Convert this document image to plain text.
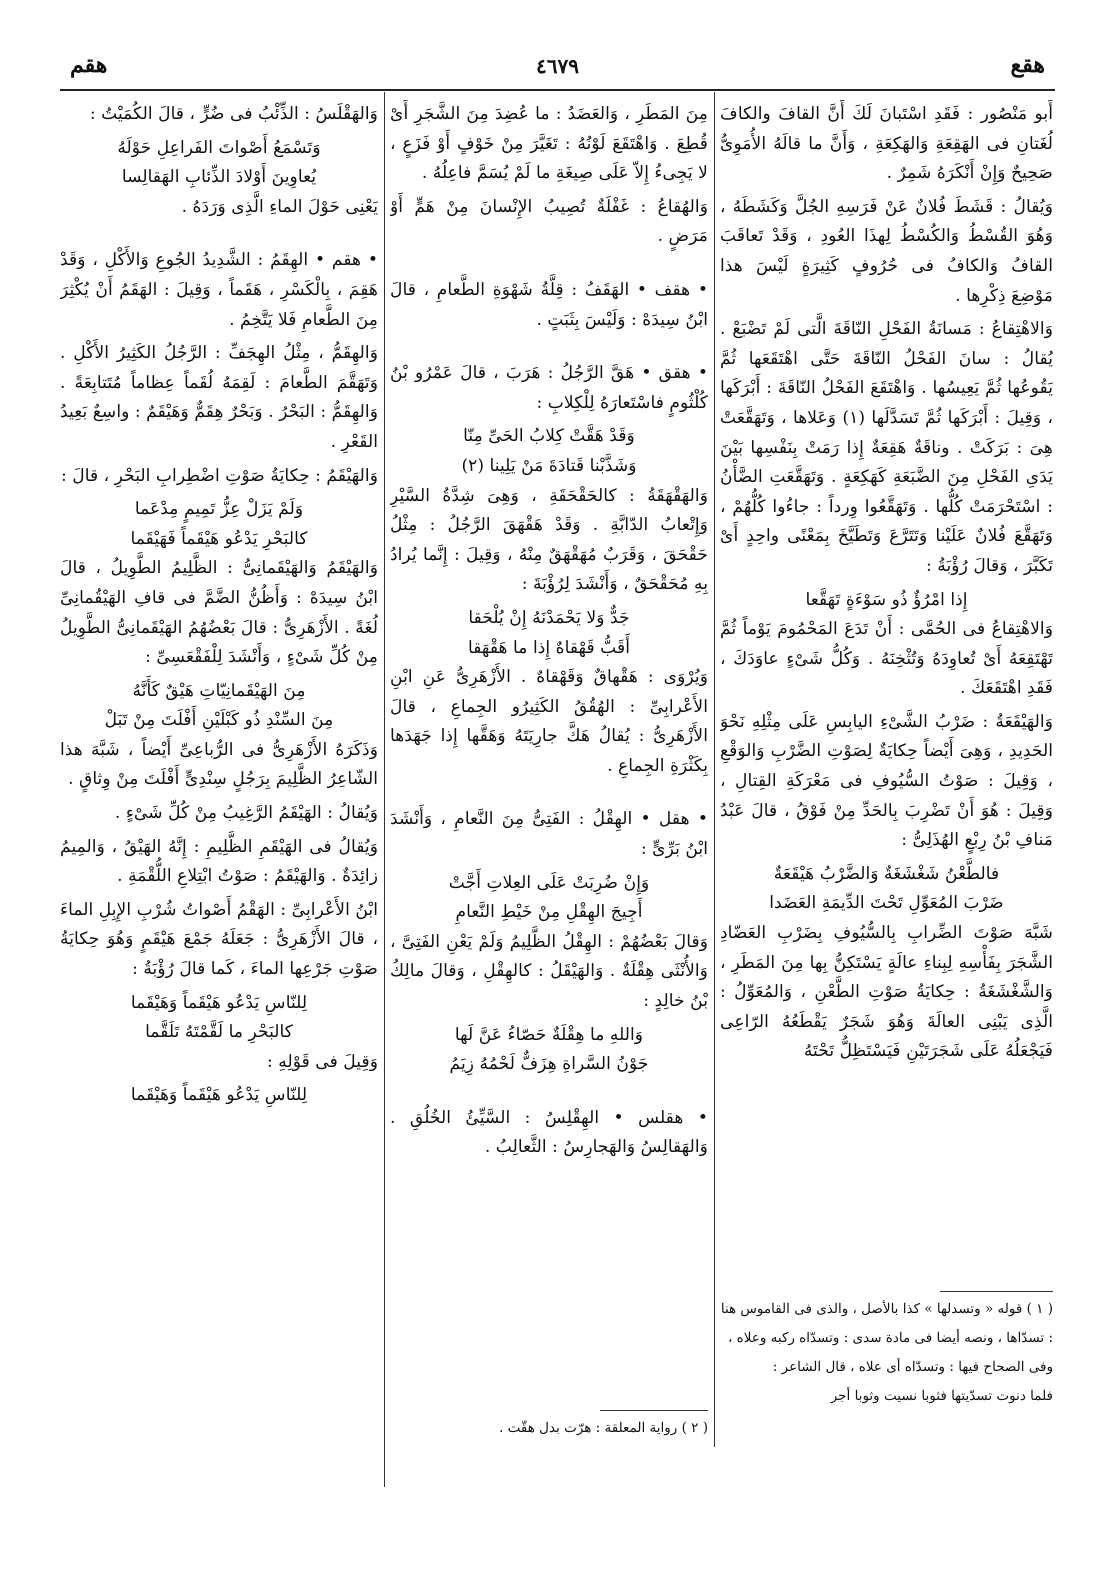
هقع
٤٦٧٩
هقم

أَبو مَنْصُور : فَقَدِ اسْتَبانَ لَكَ أَنَّ القافَ والكافَ لُغَتانِ فى الهَقِعَةِ وَالهَكِعَةِ ، وَأَنَّ ما قالَهُ الأُمَوِىُّ صَحِيحٌ وَإِنْ أَنْكَرَهُ شَمِرٌ .

وَيُقالُ : قَشَطَ فُلانٌ عَنْ فَرَسِهِ الجُلَّ وَكَشَطَهُ ، وَهُوَ القُسْطُ وَالكُسْطُ لِهذَا العُودِ ، وَقَدْ تَعاقَبَ القافُ وَالكافُ فى حُرُوفٍ كَثِيرَةٍ لَيْسَ هذا مَوْضِعَ ذِكْرِها .

وَالاهْتِقاعُ : مَسانَةُ الفَحْلِ النّاقَةَ الَّتى لَمْ تَضْبَعْ . يُقالُ : سانَ الفَحْلُ النّاقَةَ حَتَّى اهْتَقَعَها ثُمَّ يَقُوعُها ثُمَّ يَعِيسُها . وَاهْتَقَعَ الفَحْلُ النّاقَةَ : أَبْرَكَها ، وَقِيلَ : أَبْرَكَها ثُمَّ تَسَدَّلَها (١) وَعَلاها ، وَتَهَقَّعَتْ هِىَ : بَرَكَتْ . وناقَةٌ هَقِعَةٌ إِذا رَمَتْ بِنَفْسِها بَيْنَ يَدَىِ الفَحْلِ مِنَ الضَّبَعَةِ كَهَكِعَةٍ . وَتَهَقَّعَتِ الضَّأْنُ : اسْتَحْرَمَتْ كُلُّها . وَتَهَقَّعُوا وِرداً : جاءُوا كُلُّهُمْ ، وَتَهَقَّعَ فُلانٌ عَلَيْنا وَتَتَرَّعَ وَتَطَيَّخَ بِمَعْنًى واحِدٍ أَىْ تَكَبَّرَ ، وَقالَ رُؤْبَةُ :

إِذا امْرُؤٌ ذُو سَوْءَةٍ تَهَقَّعا

وَالاهْتِقاعُ فى الحُمَّى : أَنْ تَدَعَ المَحْمُومَ يَوْماً ثُمَّ تَهْتَقِعَهُ أَىْ تُعاوِدَهُ وَتُثْخِنَهُ . وَكُلُّ شَىْءٍ عاوَدَكَ ، فَقَدِ اهْتَقَعَكَ .

وَالهَيْقَعَةُ : ضَرْبُ الشَّىْءِ اليابِسِ عَلَى مِثْلِهِ نَحْوَ الحَدِيدِ ، وَهِىَ أَيْضاً حِكايَةٌ لِصَوْتِ الضَّرْبِ وَالوَقْعِ ، وَقِيلَ : صَوْتُ السُّيُوفِ فى مَعْرَكَةِ القِتالِ ، وَقِيلَ : هُوَ أَنْ تَضْرِبَ بِالحَدِّ مِنْ فَوْقُ ، قالَ عَبْدُ مَنافِ بْنُ رِبْعٍ الهُذَلِىُّ :

فالطَّعْنُ شَغْشَغَةٌ وَالضَّرْبُ هَيْقَعَةٌ

ضَرْبَ المُعَوِّلِ تَحْتَ الدِّيمَةِ العَضَدا

شَبَّهَ صَوْتَ الضِّرابِ بِالسُّيُوفِ بِضَرْبِ العَضّادِ الشَّجَرَ بِفَأْسِهِ لِبِناءِ عالَةٍ يَسْتَكِنُّ بِها مِنَ المَطَرِ ، وَالشَّغْشَغَةُ : حِكايَةُ صَوْتِ الطَّعْنِ ، وَالمُعَوِّلُ : الَّذِى يَبْنِى العالَةَ وَهُوَ شَجَرٌ يَقْطَعُهُ الرّاعِى فَيَجْعَلُهُ عَلَى شَجَرَتَيْنِ فَيَسْتَظِلُّ تَحْتَهُ

مِنَ المَطَرِ ، وَالعَضَدُ : ما عُضِدَ مِنَ الشَّجَرِ أَىْ قُطِعَ . وَاهْتَقَعَ لَوْنُهُ : تَغَيَّرَ مِنْ خَوْفٍ أَوْ فَزَعٍ ، لا يَجِىءُ إِلاّ عَلَى صِيغَةِ ما لَمْ يُسَمَّ فاعِلُهُ .

وَالهُقاعُ : غَفْلَةٌ تُصِيبُ الإِنْسانَ مِنْ هَمٍّ أَوْ مَرَضٍ .

• هقف • الهَقَفُ : قِلَّةُ شَهْوَةِ الطَّعامِ ، قالَ ابْنُ سِيدَهْ : وَلَيْسَ بِثَبَتٍ .

• هقق • هَقَّ الرَّجُلُ : هَرَبَ ، قالَ عَمْرُو بْنُ كُلْثُومٍ فاسْتَعارَهُ لِلْكِلابِ :

وَقَدْ هَقَّتْ كِلابُ الحَىِّ مِنّا

وَشَذَّبْنا قَتادَةَ مَنْ يَلِينا (٢)

وَالهَقْهَقَةُ : كالحَقْحَقَةِ ، وَهِىَ شِدَّةُ السَّيْرِ وَإِتْعابُ الدّابَّةِ . وَقَدْ هَقْهَقَ الرَّجُلُ : مِثْلُ حَقْحَقَ ، وَقَرَبٌ مُهَقْهَقٌ مِنْهُ ، وَقِيلَ : إِنَّما يُرادُ بِهِ مُحَقْحَقٌ ، وَأَنْشَدَ لِرُؤْبَةَ :

جَدٌّ وَلا يَحْمَدْنَهُ إِنْ يُلْحَقا

أَقَبُّ قَهْقاهٌ إِذا ما هَقْهَقا

وَيُرْوَى : هَقْهاقٌ وَقَهْقاهٌ . الأَزْهَرِىُّ عَنِ ابْنِ الأَعْرابِىِّ : الهُقُقُ الكَثِيرُو الجِماعِ ، قالَ الأَزْهَرِىُّ : يُقالُ هَكَّ جارِيَتَهُ وَهَقَّها إِذا جَهَدَها بِكَثْرَةِ الجِماعِ .

• هقل • الهِقْلُ : الفَتِىُّ مِنَ النَّعامِ ، وَأَنْشَدَ ابْنُ بَرِّىٍّ :

وَإِنْ ضُرِبَتْ عَلَى العِلاتِ أَجَّتْ

أَجِيجَ الهِقْلِ مِنْ خَيْطِ النَّعامِ

وَقالَ بَعْضُهُمْ : الهِقْلُ الظَّلِيمُ وَلَمْ يَعْنِ الفَتِىَّ ، وَالأُنْثَى هِقْلَةٌ . وَالهَيْقَلُ : كالهِقْلِ ، وَقالَ مالِكُ بْنُ خالِدٍ :

وَاللهِ ما هِقْلَةٌ حَصّاءُ عَنَّ لَها

جَوْنُ السَّراةِ هِزَفٌّ لَحْمُهُ زِيَمُ

• هقلس • الهِقْلِسُ : السَّيِّئُ الخُلُقِ . وَالهَقالِسُ وَالهَجارِسُ : الثَّعالِبُ .

وَالهَقْلَسُ : الذِّئْبُ فى ضُرٍّ ، قالَ الكُمَيْتُ :

وَتَسْمَعُ أَصْواتَ الفَراعِلِ حَوْلَهُ

يُعاوِينَ أَوْلادَ الذِّئابِ الهَقالِسا

يَعْنِى حَوْلَ الماءِ الَّذِى وَرَدَهُ .

• هقم • الهِقَمُ : الشَّدِيدُ الجُوعِ وَالأَكْلِ ، وَقَدْ هَقِمَ ، بِالْكَسْرِ ، هَقَماً ، وَقِيلَ : الهَقَمُ أَنْ يُكْثِرَ مِنَ الطَّعامِ فَلا يَتَّخِمُ .

وَالهِقَمُّ ، مِثْلُ الهِجَفِّ : الرَّجُلُ الكَثِيرُ الأَكْلِ . وَتَهَقَّمَ الطَّعامَ : لَقِمَهُ لُقَماً عِظاماً مُتَتابِعَةً . وَالهِقَمُّ : البَحْرُ . وَبَحْرٌ هِقَمٌّ وَهَيْقَمٌ : واسِعٌ بَعِيدُ القَعْرِ .

وَالهَيْقَمُ : حِكايَةُ صَوْتِ اضْطِرابِ البَحْرِ ، قالَ :

وَلَمْ يَزَلْ عِزُّ تَمِيمٍ مِدْعَما

كالبَحْرِ يَدْعُو هَيْقَماً فَهَيْقَما

وَالهَيْقَمُ وَالهَيْقَمانِىُّ : الظَّلِيمُ الطَّوِيلُ ، قالَ ابْنُ سِيدَهْ : وَأَظُنُّ الضَّمَّ فى قافِ الهَيْقُمانِىِّ لُغَةً . الأَزْهَرِىُّ : قالَ بَعْضُهُمُ الهَيْقَمانِىُّ الطَّوِيلُ مِنْ كُلِّ شَىْءٍ ، وَأَنْشَدَ لِلْفَقْعَسِىِّ :

مِنَ الهَيْقَمانِيّاتِ هَيْقٌ كَأَنَّهُ

مِنَ السِّنْدِ ذُو كَبْلَيْنِ أَفْلَتَ مِنْ تَبَلْ

وَذَكَرَهُ الأَزْهَرِىُّ فى الرُّباعِىِّ أَيْضاً ، شَبَّهَ هذا الشّاعِرُ الظَّلِيمَ بِرَجُلٍ سِنْدِىٍّ أَفْلَتَ مِنْ وِثاقٍ .

وَيُقالُ : الهَيْقَمُ الرَّغِيبُ مِنْ كُلِّ شَىْءٍ .

وَيُقالُ فى الهَيْقَمِ الظَّلِيمِ : إِنَّهُ الهَيْقُ ، وَالمِيمُ زائِدَةٌ . وَالهَيْقَمُ : صَوْتُ ابْتِلاعِ اللُّقْمَةِ .

ابْنُ الأَعْرابِىِّ : الهَقْمُ أَصْواتُ شُرْبِ الإِبِلِ الماءَ ، قالَ الأَزْهَرِىُّ : جَعَلَهُ جَمْعَ هَيْقَمٍ وَهُوَ حِكايَةُ صَوْتِ جَرْعِها الماءَ ، كَما قالَ رُؤْبَةُ :

لِلنّاسِ يَدْعُو هَيْقَماً وَهَيْقَما

كالبَحْرِ ما لَقَّمْتَهُ تَلَقَّما

وَقِيلَ فى قَوْلِهِ :

لِلنّاسِ يَدْعُو هَيْقَماً وَهَيْقَما

( ١ ) قوله « وتسدلها » كذا بالأصل ، والذى فى القاموس هنا : تسدّاها ، ونصه أيضا فى مادة سدى : وتسدّاه ركبه وعلاه ، وفى الصحاح فيها : وتسدّاه أى علاه ، قال الشاعر :
فلما دنوت تسدّيتها فثوبا نسيت وثوبا أجر
( ٢ ) رواية المعلقة : هرّت بدل هقّت .
